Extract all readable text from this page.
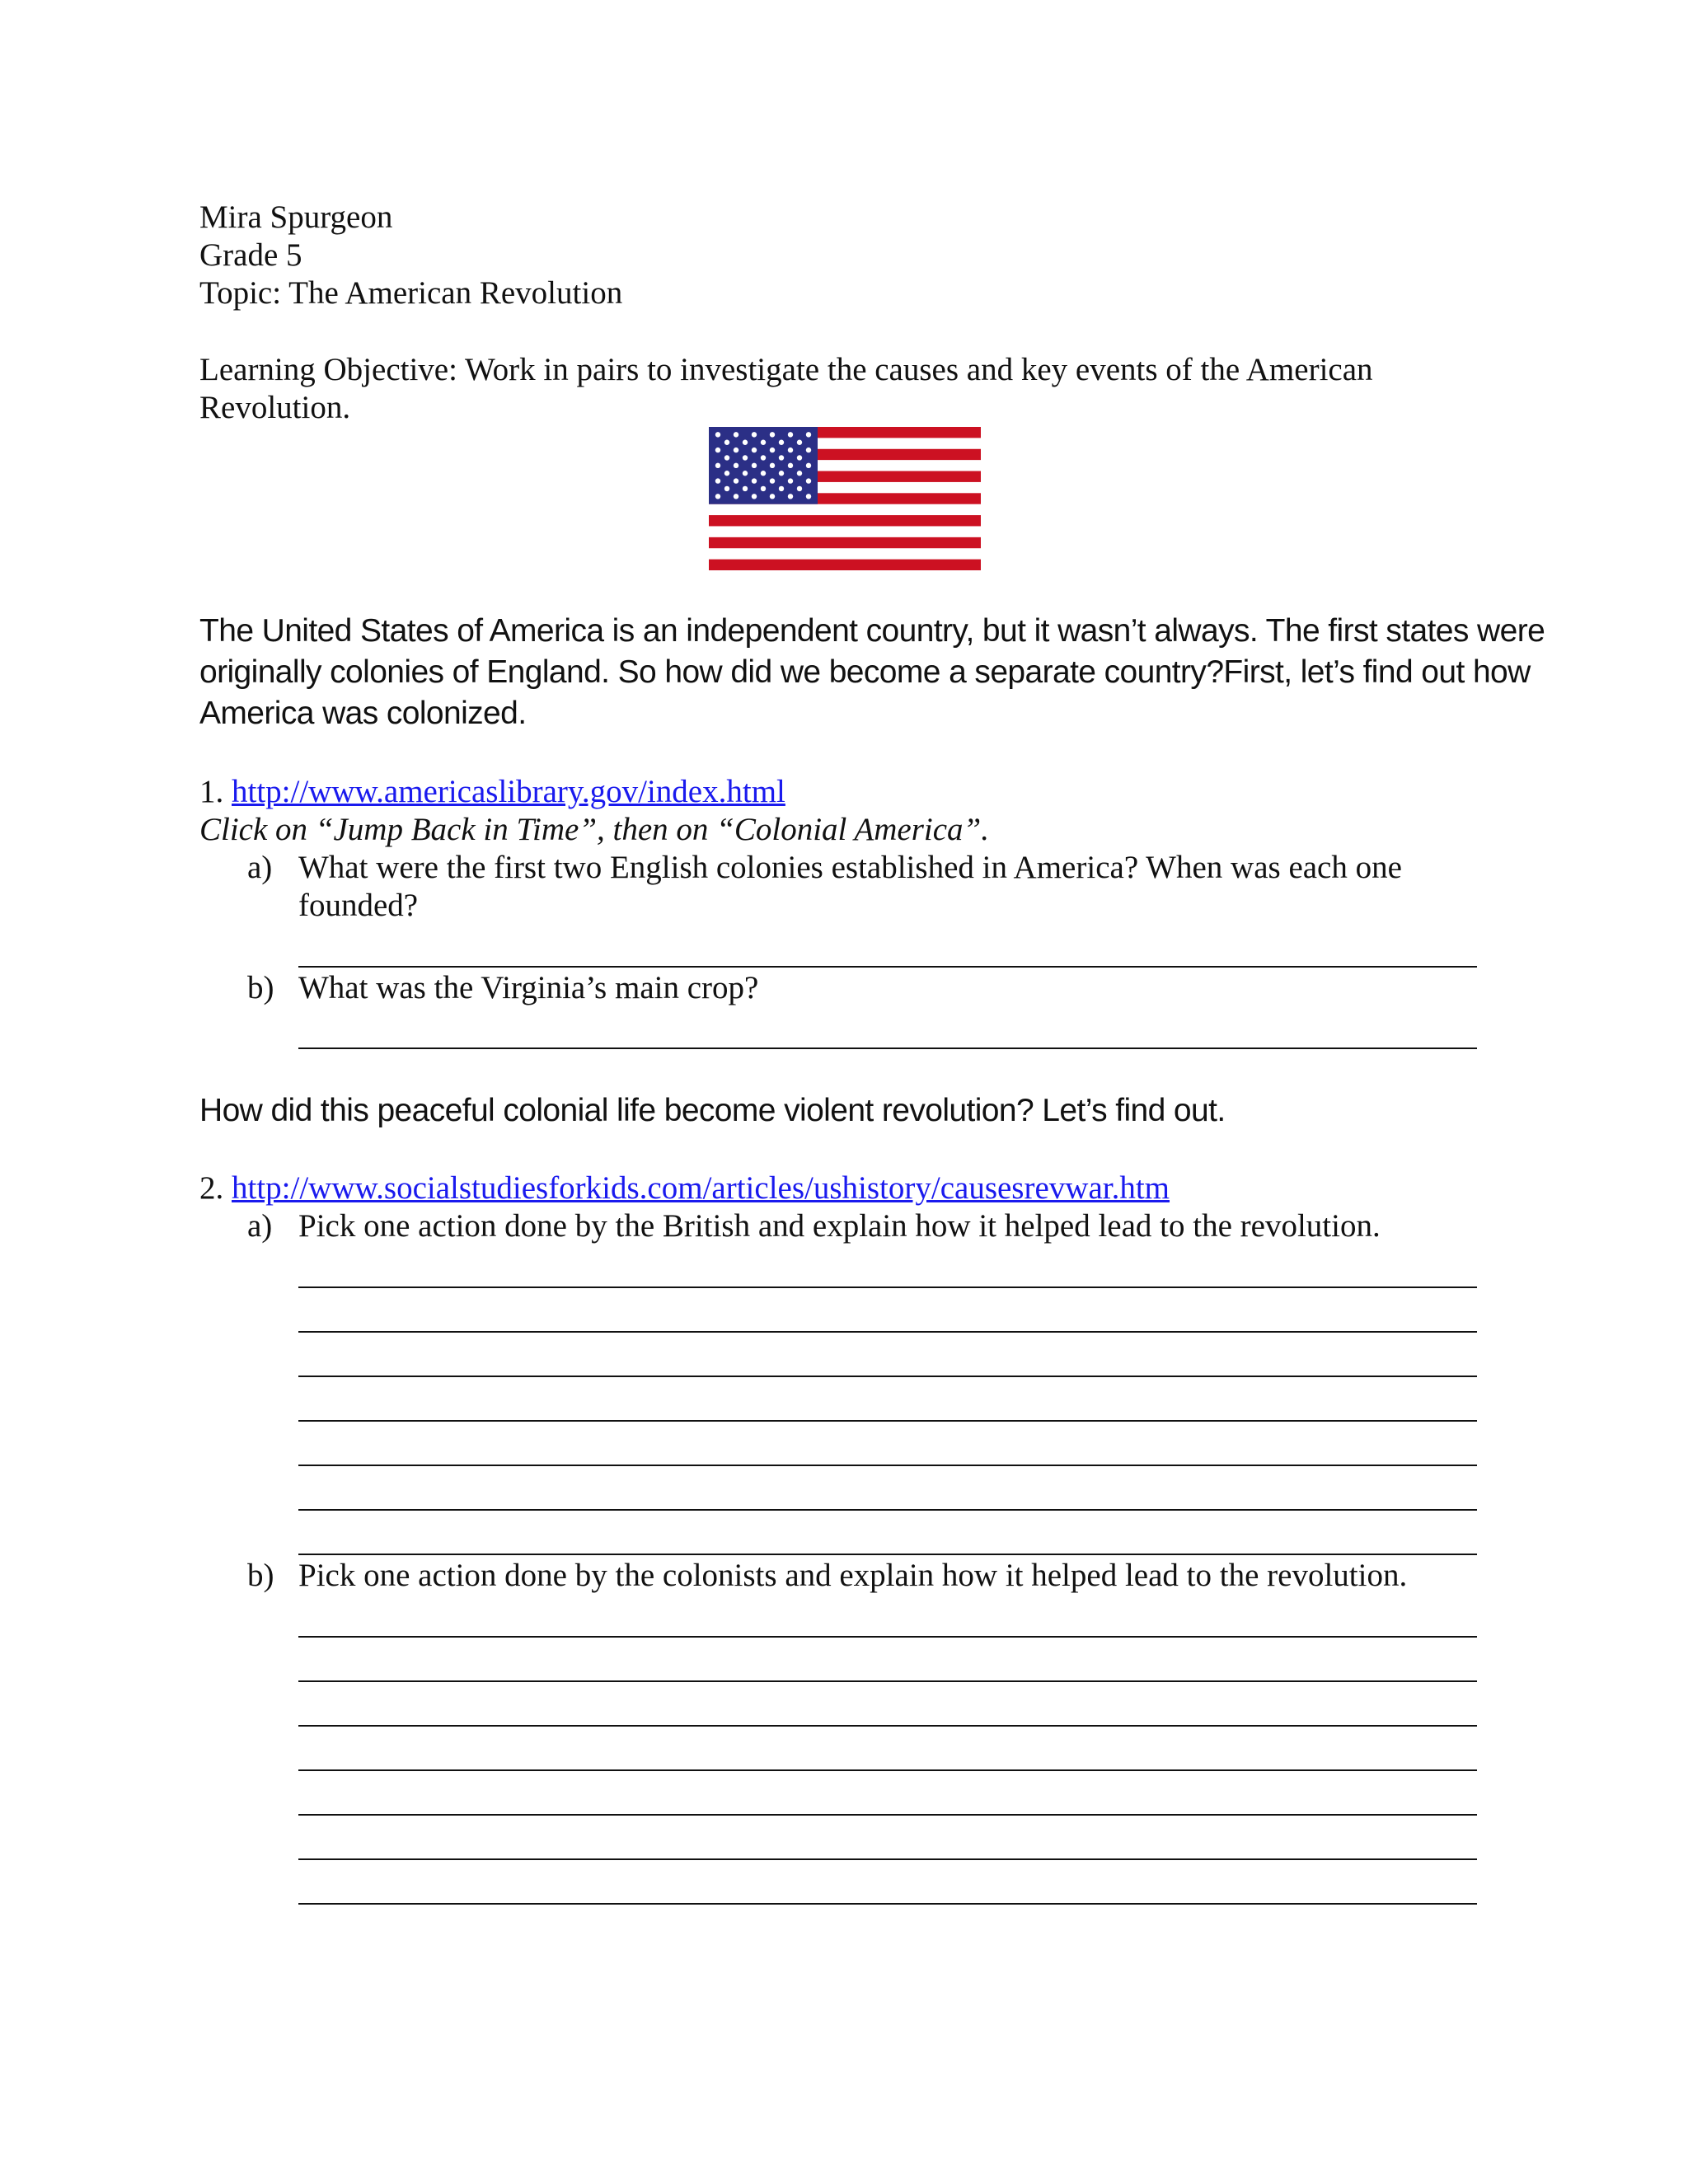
Mira Spurgeon
Grade 5
Topic: The American Revolution
Learning Objective: Work in pairs to investigate the causes and key events of the American
Revolution.
The United States of America is an independent country, but it wasn’t always. The first states were
originally colonies of England. So how did we become a separate country?First, let’s find out how
America was colonized.
1. http://www.americaslibrary.gov/index.html
Click on “Jump Back in Time”, then on “Colonial America”.
a) What were the first two English colonies established in America? When was each one
founded?
b) What was the Virginia’s main crop?
How did this peaceful colonial life become violent revolution? Let’s find out.
2. http://www.socialstudiesforkids.com/articles/ushistory/causesrevwar.htm
a) Pick one action done by the British and explain how it helped lead to the revolution.
b) Pick one action done by the colonists and explain how it helped lead to the revolution.
